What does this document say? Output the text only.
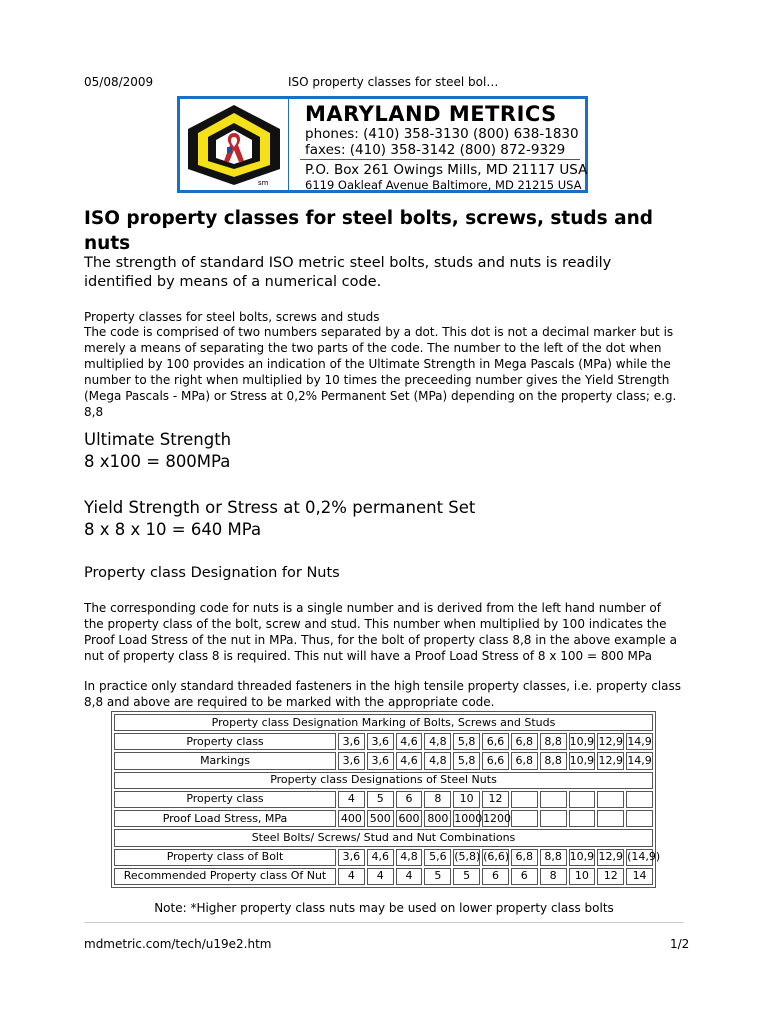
05/08/2009	ISO property classes for steel bol…
sm
MARYLAND METRICS
phones: (410) 358-3130 (800) 638-1830
faxes: (410) 358-3142 (800) 872-9329
P.O. Box 261 Owings Mills, MD 21117 USA
6119 Oakleaf Avenue Baltimore, MD 21215 USA
ISO property classes for steel bolts, screws, studs and nuts
The strength of standard ISO metric steel bolts, studs and nuts is readily identified by means of a numerical code.
Property classes for steel bolts, screws and studs
The code is comprised of two numbers separated by a dot. This dot is not a decimal marker but is merely a means of separating the two parts of the code. The number to the left of the dot when multiplied by 100 provides an indication of the Ultimate Strength in Mega Pascals (MPa) while the number to the right when multiplied by 10 times the preceeding number gives the Yield Strength (Mega Pascals - MPa) or Stress at 0,2% Permanent Set (MPa) depending on the property class; e.g. 8,8
Ultimate Strength
8 x100 = 800MPa
Yield Strength or Stress at 0,2% permanent Set
8 x 8 x 10 = 640 MPa
Property class Designation for Nuts
The corresponding code for nuts is a single number and is derived from the left hand number of the property class of the bolt, screw and stud. This number when multiplied by 100 indicates the Proof Load Stress of the nut in MPa. Thus, for the bolt of property class 8,8 in the above example a nut of property class 8 is required. This nut will have a Proof Load Stress of 8 x 100 = 800 MPa
In practice only standard threaded fasteners in the high tensile property classes, i.e. property class 8,8 and above are required to be marked with the appropriate code.
Property class Designation Marking of Bolts, Screws and Studs											
Property class	3,6	3,6	4,6	4,8	5,8	6,6	6,8	8,8	10,9	12,9	14,9
Markings	3,6	3,6	4,6	4,8	5,8	6,6	6,8	8,8	10,9	12,9	14,9
Property class Designations of Steel Nuts											
Property class	4	5	6	8	10	12					
Proof Load Stress, MPa	400	500	600	800	1000	1200					
Steel Bolts/ Screws/ Stud and Nut Combinations											
Property class of Bolt	3,6	4,6	4,8	5,6	(5,8)	(6,6)	6,8	8,8	10,9	12,9	(14,9)
Recommended Property class Of Nut	4	4	4	5	5	6	6	8	10	12	14
Note: *Higher property class nuts may be used on lower property class bolts
mdmetric.com/tech/u19e2.htm	1/2
